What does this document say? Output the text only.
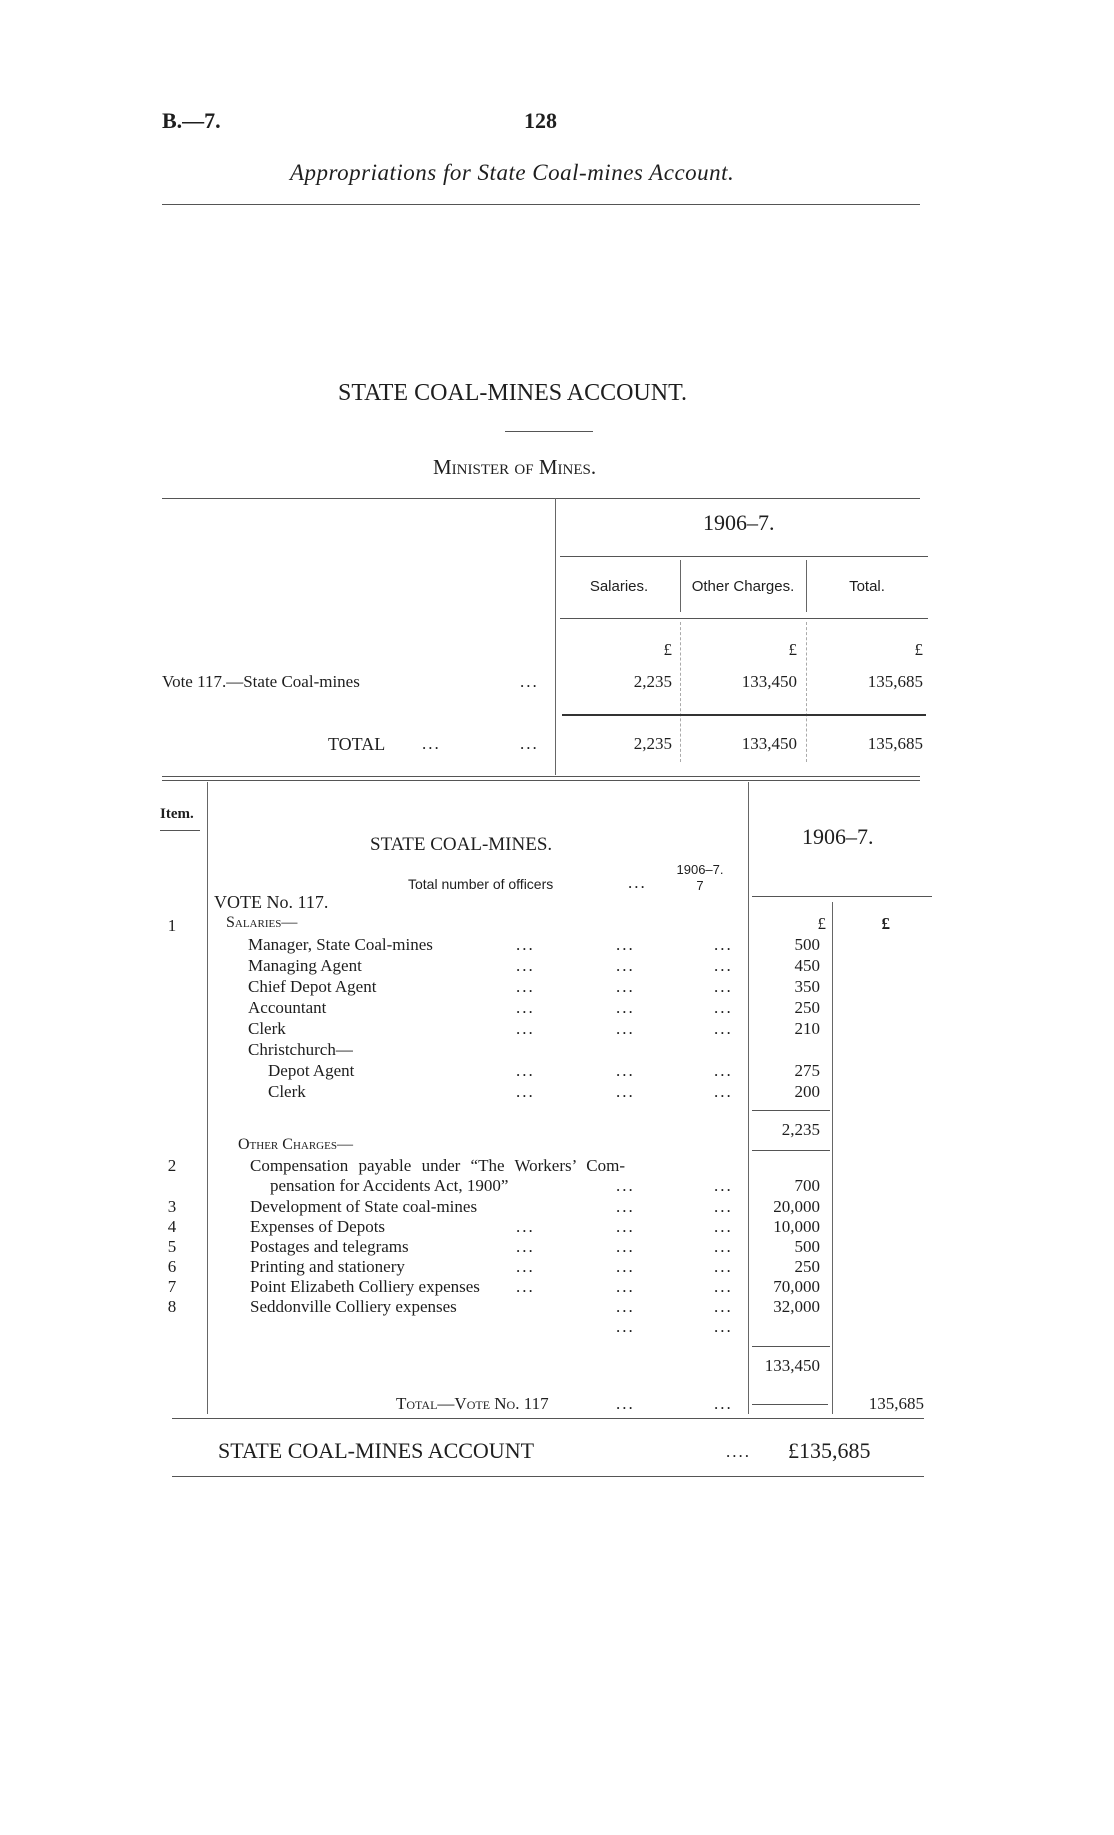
B.—7.	128
Appropriations for State Coal-mines Account.
STATE COAL-MINES ACCOUNT.
Minister of Mines.
1906–7.
Salaries.	Other Charges.	Total.
£	£	£
Vote 117.—State Coal-mines	...	2,235	133,450	135,685
TOTAL ...	...	2,235	133,450	135,685
Item.
STATE COAL-MINES.	1906–7.
1906–7.
Total number of officers	...	7
VOTE No. 117.
1	Salaries—	£	£
Manager, State Coal-mines	...	...	...	500
Managing Agent	...	...	...	450
Chief Depot Agent	...	...	...	350
Accountant	...	...	...	250
Clerk	...	...	...	210
Christchurch—
Depot Agent	...	...	...	275
Clerk	...	...	...	200
2,235
Other Charges—
2	Compensation payable under “The Workers’ Com-
pensation for Accidents Act, 1900”	...	...	700
3	Development of State coal-mines	...	...	20,000
4	Expenses of Depots	...	...	...	10,000
5	Postages and telegrams	...	...	...	500
6	Printing and stationery	...	...	...	250
7	Point Elizabeth Colliery expenses ...	...	...	70,000
8	Seddonville Colliery expenses	...	...	32,000
...	...
133,450
Total—Vote No. 117	...	...	135,685
STATE COAL-MINES ACCOUNT	.... £135,685
